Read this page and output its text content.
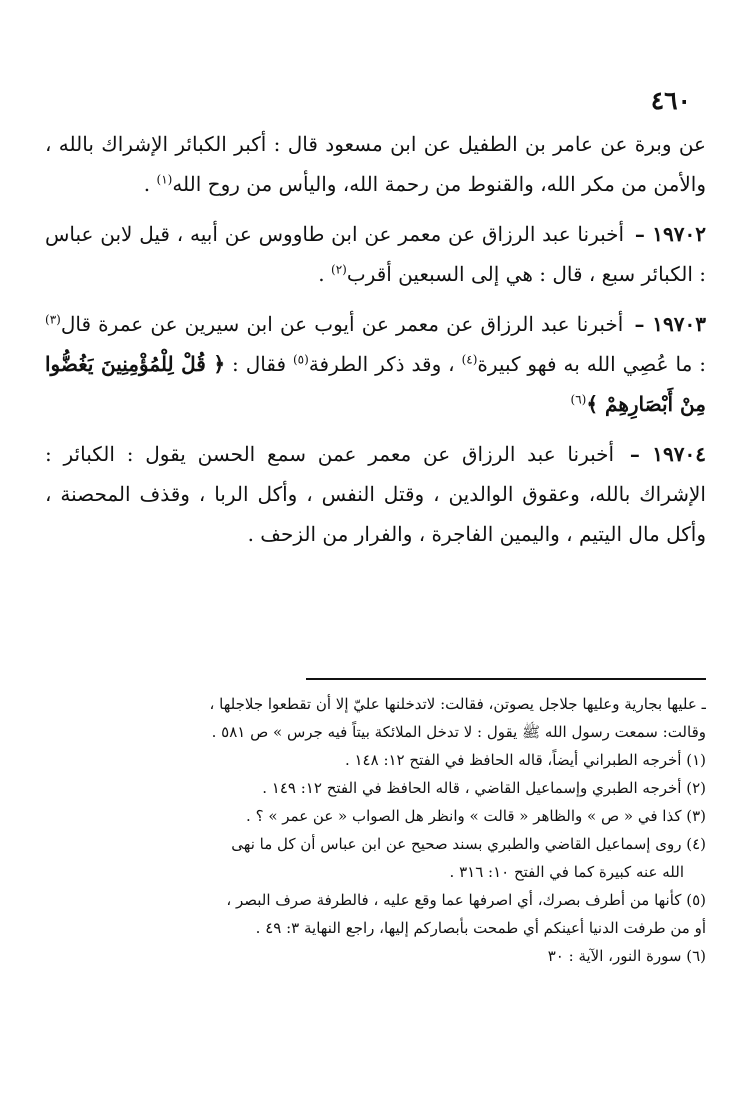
٤٦٠

عن وبرة عن عامر بن الطفيل عن ابن مسعود قال : أكبر الكبائر الإشراك بالله ، والأمن من مكر الله، والقنوط من رحمة الله، واليأس من روح الله$^{(١)}$ .

١٩٧٠٢ – أخبرنا عبد الرزاق عن معمر عن ابن طاووس عن أبيه ، قيل لابن عباس : الكبائر سبع ، قال : هي إلى السبعين أقرب$^{(٢)}$ .

١٩٧٠٣ – أخبرنا عبد الرزاق عن معمر عن أيوب عن ابن سيرين عن عمرة قال$^{(٣)}$ : ما عُصِي الله به فهو كبيرة$^{(٤)}$ ، وقد ذكر الطرفة$^{(٥)}$ فقال : ﴿ قُلْ لِلْمُؤْمِنِينَ يَغُضُّوا مِنْ أَبْصَارِهِمْ ﴾$^{(٦)}$

١٩٧٠٤ – أخبرنا عبد الرزاق عن معمر عمن سمع الحسن يقول : الكبائر : الإشراك بالله، وعقوق الوالدين ، وقتل النفس ، وأكل الربا ، وقذف المحصنة ، وأكل مال اليتيم ، واليمين الفاجرة ، والفرار من الزحف .

ـ عليها بجارية وعليها جلاجل يصوتن، فقالت: لاتدخلنها عليّ إلا أن تقطعوا جلاجلها ،

وقالت: سمعت رسول الله ﷺ يقول : لا تدخل الملائكة بيتاً فيه جرس » ص ٥٨١ .

(١) أخرجه الطبراني أيضاً، قاله الحافظ في الفتح ١٢: ١٤٨ .

(٢) أخرجه الطبري وإسماعيل القاضي ، قاله الحافظ في الفتح ١٢: ١٤٩ .

(٣) كذا في « ص » والظاهر « قالت » وانظر هل الصواب « عن عمر » ؟ .

(٤) روى إسماعيل القاضي والطبري بسند صحيح عن ابن عباس أن كل ما نهى

الله عنه كبيرة كما في الفتح ١٠: ٣١٦ .

(٥) كأنها من أطرف بصرك، أي اصرفها عما وقع عليه ، فالطرفة صرف البصر ،

أو من طرفت الدنيا أعينكم أي طمحت بأبصاركم إليها، راجع النهاية ٣: ٤٩ .

(٦) سورة النور، الآية : ٣٠
